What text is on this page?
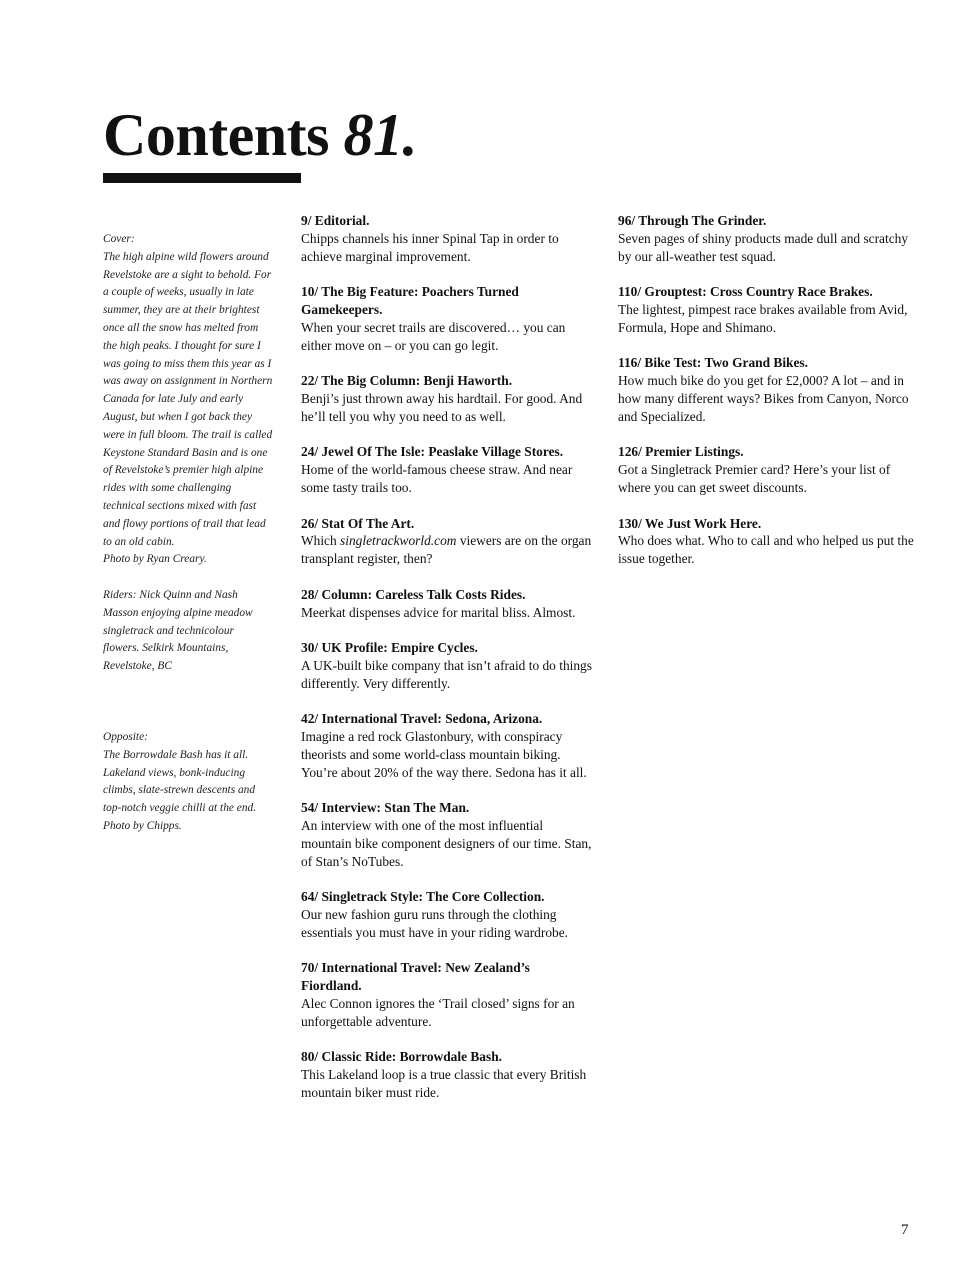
Contents 81.

Cover:

The high alpine wild flowers around Revelstoke are a sight to behold. For a couple of weeks, usually in late summer, they are at their brightest once all the snow has melted from the high peaks. I thought for sure I was going to miss them this year as I was away on assignment in Northern Canada for late July and early August, but when I got back they were in full bloom. The trail is called Keystone Standard Basin and is one of Revelstoke’s premier high alpine rides with some challenging technical sections mixed with fast and flowy portions of trail that lead to an old cabin.

Photo by Ryan Creary.

Riders: Nick Quinn and Nash Masson enjoying alpine meadow singletrack and technicolour flowers. Selkirk Mountains, Revelstoke, BC

Opposite:

The Borrowdale Bash has it all. Lakeland views, bonk-inducing climbs, slate-strewn descents and top-notch veggie chilli at the end.

Photo by Chipps.

9/ Editorial.
Chipps channels his inner Spinal Tap in order to achieve marginal improvement.
10/ The Big Feature: Poachers Turned Gamekeepers.
When your secret trails are discovered… you can either move on – or you can go legit.
22/ The Big Column: Benji Haworth.
Benji’s just thrown away his hardtail. For good. And he’ll tell you why you need to as well.
24/ Jewel Of The Isle: Peaslake Village Stores.
Home of the world-famous cheese straw. And near some tasty trails too.
26/ Stat Of The Art.
Which singletrackworld.com viewers are on the organ transplant register, then?
28/ Column: Careless Talk Costs Rides.
Meerkat dispenses advice for marital bliss. Almost.
30/ UK Profile: Empire Cycles.
A UK-built bike company that isn’t afraid to do things differently. Very differently.
42/ International Travel: Sedona, Arizona.
Imagine a red rock Glastonbury, with conspiracy theorists and some world-class mountain biking. You’re about 20% of the way there. Sedona has it all.
54/ Interview: Stan The Man.
An interview with one of the most influential mountain bike component designers of our time. Stan, of Stan’s NoTubes.
64/ Singletrack Style: The Core Collection.
Our new fashion guru runs through the clothing essentials you must have in your riding wardrobe.
70/ International Travel: New Zealand’s Fiordland.
Alec Connon ignores the ‘Trail closed’ signs for an unforgettable adventure.
80/ Classic Ride: Borrowdale Bash.
This Lakeland loop is a true classic that every British mountain biker must ride.
96/ Through The Grinder.
Seven pages of shiny products made dull and scratchy by our all-weather test squad.
110/ Grouptest: Cross Country Race Brakes.
The lightest, pimpest race brakes available from Avid, Formula, Hope and Shimano.
116/ Bike Test: Two Grand Bikes.
How much bike do you get for £2,000? A lot – and in how many different ways? Bikes from Canyon, Norco and Specialized.
126/ Premier Listings.
Got a Singletrack Premier card? Here’s your list of where you can get sweet discounts.
130/ We Just Work Here.
Who does what. Who to call and who helped us put the issue together.
7
